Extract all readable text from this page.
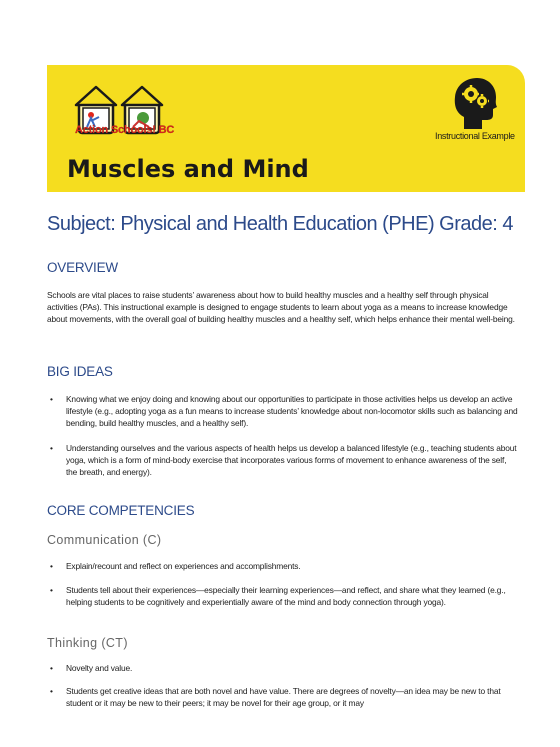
Action Schools! BC	Instructional Example
Muscles and Mind
Subject: Physical and Health Education (PHE) Grade: 4
OVERVIEW
Schools are vital places to raise students’ awareness about how to build healthy muscles and a healthy self through physical activities (PAs). This instructional example is designed to engage students to learn about yoga as a means to increase knowledge about movements, with the overall goal of building healthy muscles and a healthy self, which helps enhance their mental well-being.
BIG IDEAS
• Knowing what we enjoy doing and knowing about our opportunities to participate in those activities helps us develop an active lifestyle (e.g., adopting yoga as a fun means to increase students’ knowledge about non-locomotor skills such as balancing and bending, build healthy muscles, and a healthy self).
• Understanding ourselves and the various aspects of health helps us develop a balanced lifestyle (e.g., teaching students about yoga, which is a form of mind-body exercise that incorporates various forms of movement to enhance awareness of the self, the breath, and energy).
CORE COMPETENCIES
Communication (C)
• Explain/recount and reflect on experiences and accomplishments.
• Students tell about their experiences—especially their learning experiences—and reflect, and share what they learned (e.g., helping students to be cognitively and experientially aware of the mind and body connection through yoga).
Thinking (CT)
• Novelty and value.
• Students get creative ideas that are both novel and have value. There are degrees of novelty—an idea may be new to that student or it may be new to their peers; it may be novel for their age group, or it may
